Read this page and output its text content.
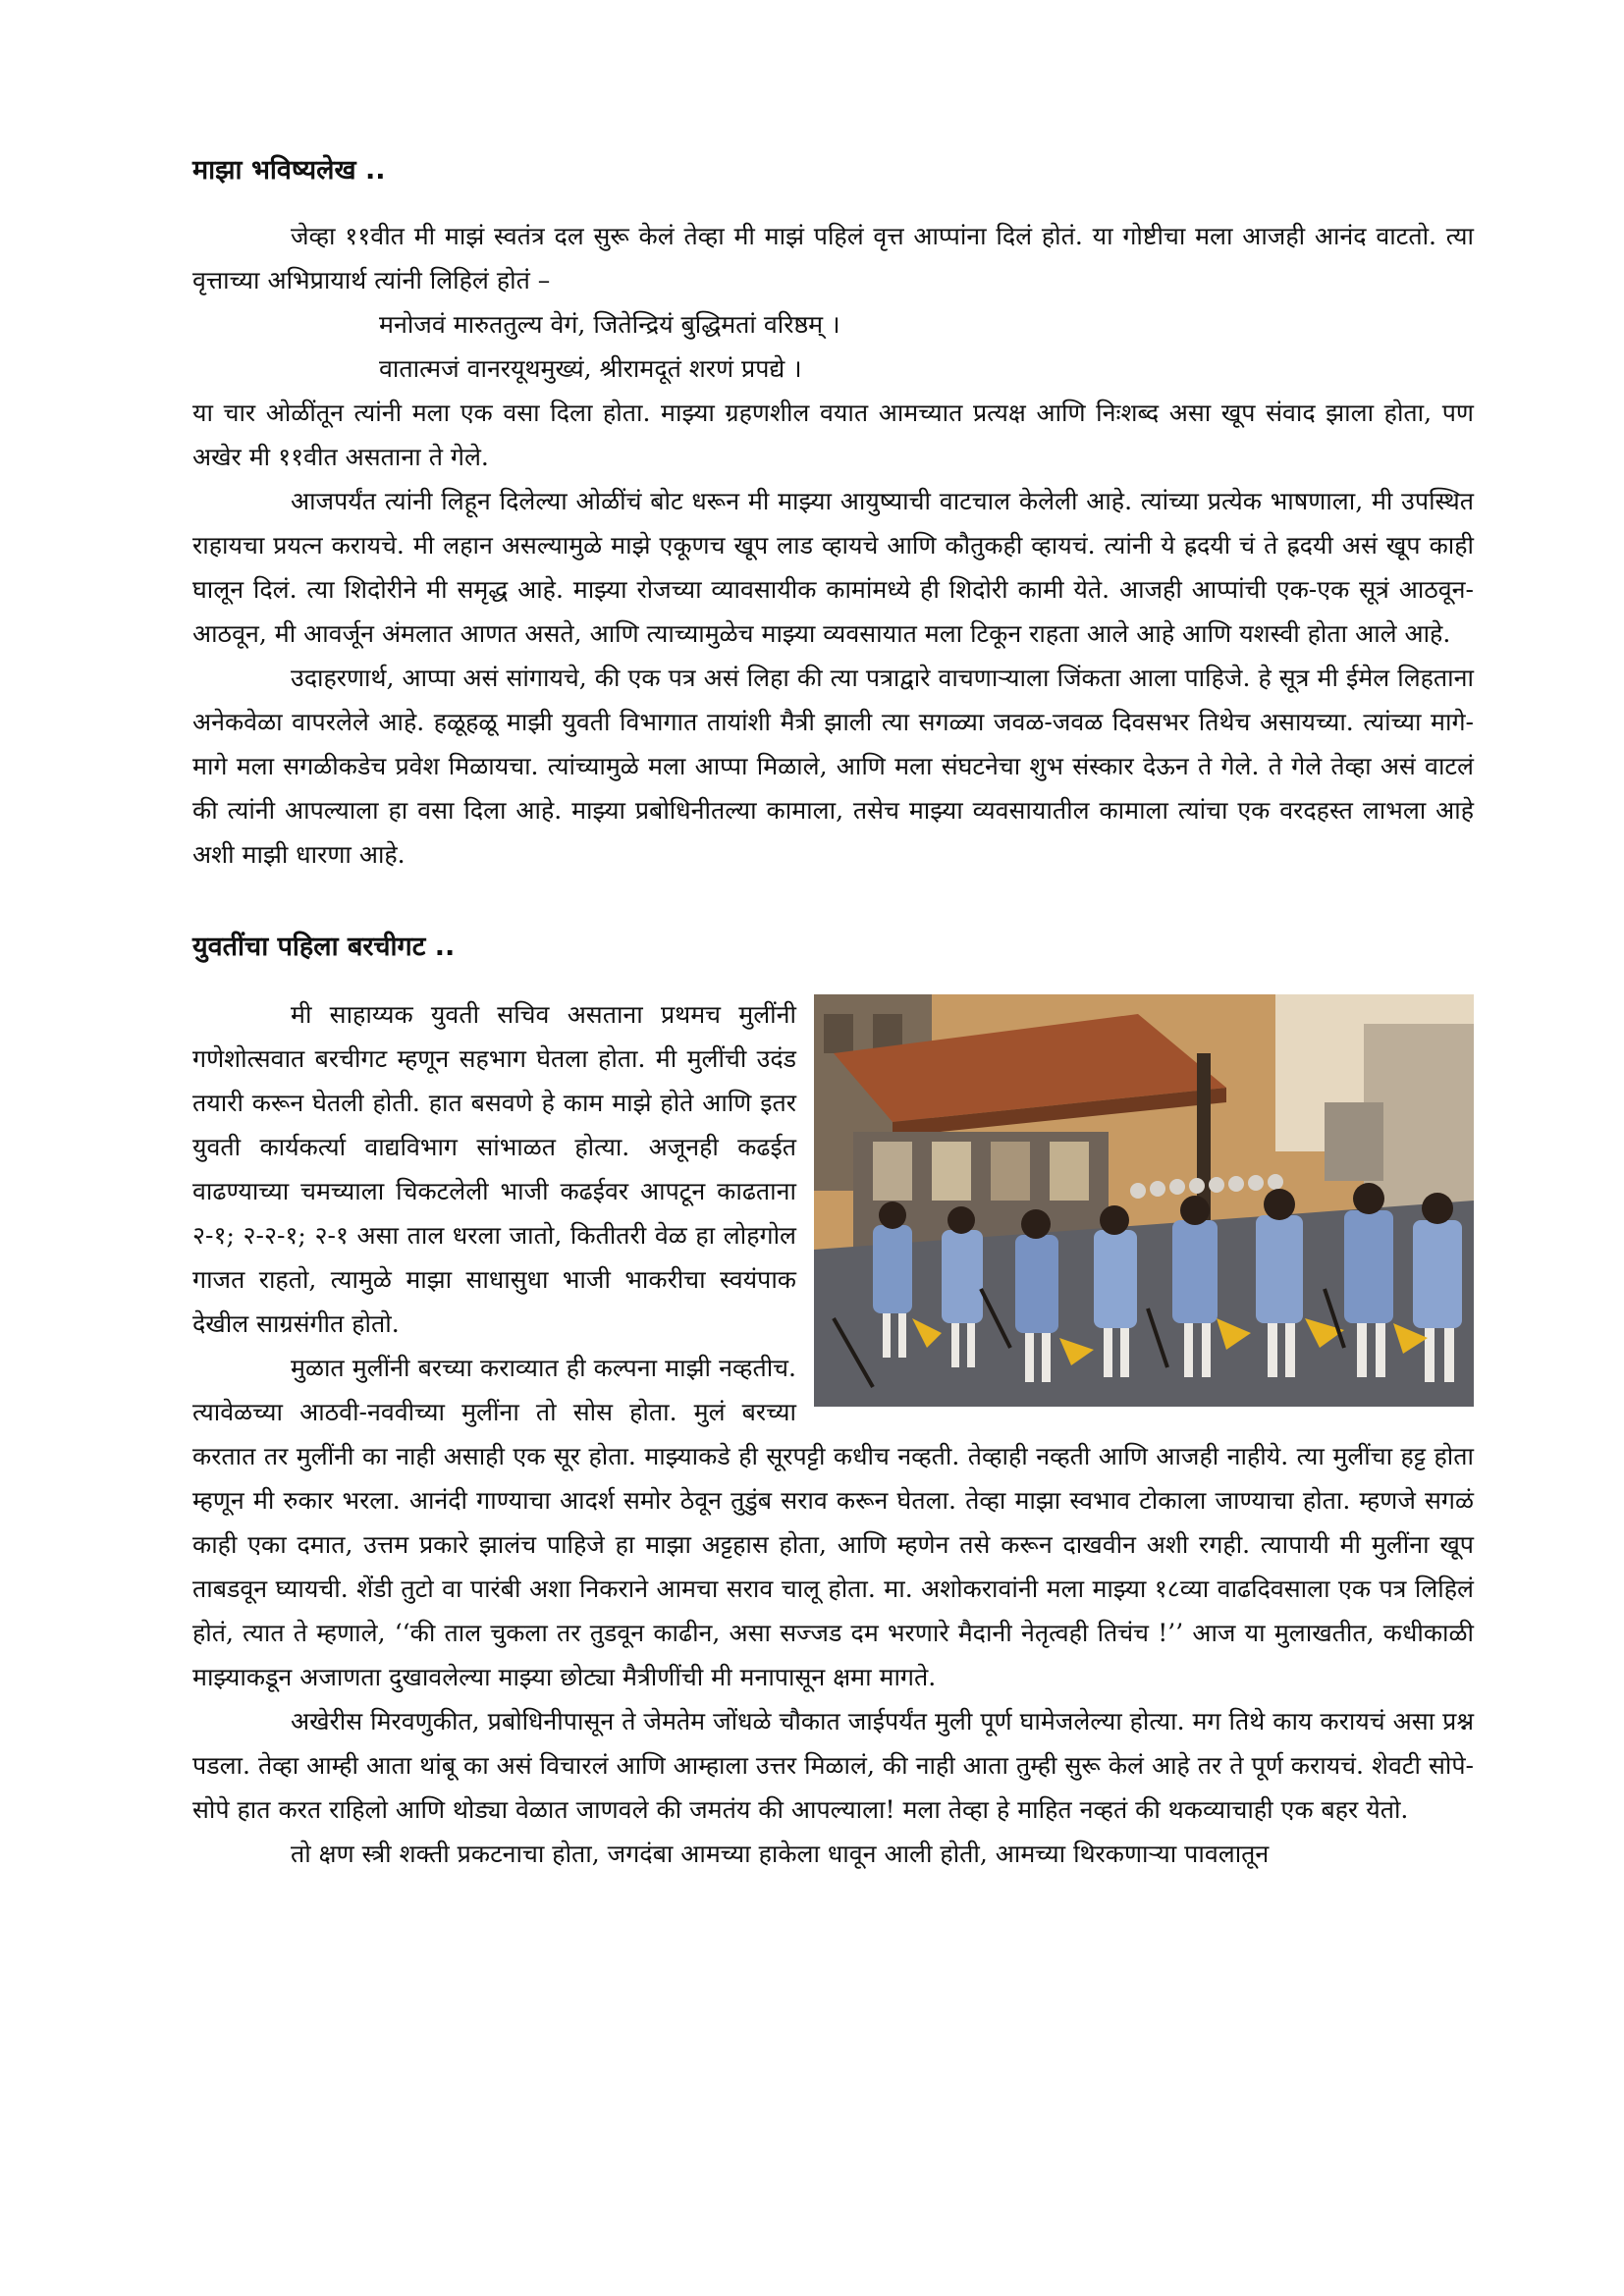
माझा भविष्यलेख ..

जेव्हा ११वीत मी माझं स्वतंत्र दल सुरू केलं तेव्हा मी माझं पहिलं वृत्त आप्पांना दिलं होतं. या गोष्टीचा मला आजही आनंद वाटतो. त्या वृत्ताच्या अभिप्रायार्थ त्यांनी लिहिलं होतं –

मनोजवं मारुततुल्य वेगं, जितेन्द्रियं बुद्धिमतां वरिष्ठम् ।
वातात्मजं वानरयूथमुख्यं, श्रीरामदूतं शरणं प्रपद्ये ।

या चार ओळींतून त्यांनी मला एक वसा दिला होता. माझ्या ग्रहणशील वयात आमच्यात प्रत्यक्ष आणि निःशब्द असा खूप संवाद झाला होता, पण अखेर मी ११वीत असताना ते गेले.

आजपर्यंत त्यांनी लिहून दिलेल्या ओळींचं बोट धरून मी माझ्या आयुष्याची वाटचाल केलेली आहे. त्यांच्या प्रत्येक भाषणाला, मी उपस्थित राहायचा प्रयत्न करायचे. मी लहान असल्यामुळे माझे एकूणच खूप लाड व्हायचे आणि कौतुकही व्हायचं. त्यांनी ये ह्रदयी चं ते ह्रदयी असं खूप काही घालून दिलं. त्या शिदोरीने मी समृद्ध आहे. माझ्या रोजच्या व्यावसायीक कामांमध्ये ही शिदोरी कामी येते. आजही आप्पांची एक-एक सूत्रं आठवून-आठवून, मी आवर्जून अंमलात आणत असते, आणि त्याच्यामुळेच माझ्या व्यवसायात मला टिकून राहता आले आहे आणि यशस्वी होता आले आहे.

उदाहरणार्थ, आप्पा असं सांगायचे, की एक पत्र असं लिहा की त्या पत्राद्वारे वाचणाऱ्याला जिंकता आला पाहिजे. हे सूत्र मी ईमेल लिहताना अनेकवेळा वापरलेले आहे. हळूहळू माझी युवती विभागात तायांशी मैत्री झाली त्या सगळ्या जवळ-जवळ दिवसभर तिथेच असायच्या. त्यांच्या मागे-मागे मला सगळीकडेच प्रवेश मिळायचा. त्यांच्यामुळे मला आप्पा मिळाले, आणि मला संघटनेचा शुभ संस्कार देऊन ते गेले. ते गेले तेव्हा असं वाटलं की त्यांनी आपल्याला हा वसा दिला आहे. माझ्या प्रबोधिनीतल्या कामाला, तसेच माझ्या व्यवसायातील कामाला त्यांचा एक वरदहस्त लाभला आहे अशी माझी धारणा आहे.

युवतींचा पहिला बरचीगट ..

मी साहाय्यक युवती सचिव असताना प्रथमच मुलींनी गणेशोत्सवात बरचीगट म्हणून सहभाग घेतला होता. मी मुलींची उदंड तयारी करून घेतली होती. हात बसवणे हे काम माझे होते आणि इतर युवती कार्यकर्त्या वाद्यविभाग सांभाळत होत्या. अजूनही कढईत वाढण्याच्या चमच्याला चिकटलेली भाजी कढईवर आपटून काढताना २-१; २-२-१; २-१ असा ताल धरला जातो, कितीतरी वेळ हा लोहगोल गाजत राहतो, त्यामुळे माझा साधासुधा भाजी भाकरीचा स्वयंपाक देखील साग्रसंगीत होतो.

मुळात मुलींनी बरच्या कराव्यात ही कल्पना माझी नव्हतीच. त्यावेळच्या आठवी-नववीच्या मुलींना तो सोस होता. मुलं बरच्या करतात तर मुलींनी का नाही असाही एक सूर होता. माझ्याकडे ही सूरपट्टी कधीच नव्हती. तेव्हाही नव्हती आणि आजही नाहीये. त्या मुलींचा हट्ट होता म्हणून मी रुकार भरला. आनंदी गाण्याचा आदर्श समोर ठेवून तुडुंब सराव करून घेतला. तेव्हा माझा स्वभाव टोकाला जाण्याचा होता. म्हणजे सगळं काही एका दमात, उत्तम प्रकारे झालंच पाहिजे हा माझा अट्टहास होता, आणि म्हणेन तसे करून दाखवीन अशी रगही. त्यापायी मी मुलींना खूप ताबडवून घ्यायची. शेंडी तुटो वा पारंबी अशा निकराने आमचा सराव चालू होता. मा. अशोकरावांनी मला माझ्या १८व्या वाढदिवसाला एक पत्र लिहिलं होतं, त्यात ते म्हणाले, ‘‘की ताल चुकला तर तुडवून काढीन, असा सज्जड दम भरणारे मैदानी नेतृत्वही तिचंच !’’ आज या मुलाखतीत, कधीकाळी माझ्याकडून अजाणता दुखावलेल्या माझ्या छोट्या मैत्रीणींची मी मनापासून क्षमा मागते.

अखेरीस मिरवणुकीत, प्रबोधिनीपासून ते जेमतेम जोंधळे चौकात जाईपर्यंत मुली पूर्ण घामेजलेल्या होत्या. मग तिथे काय करायचं असा प्रश्न पडला. तेव्हा आम्ही आता थांबू का असं विचारलं आणि आम्हाला उत्तर मिळालं, की नाही आता तुम्ही सुरू केलं आहे तर ते पूर्ण करायचं. शेवटी सोपे-सोपे हात करत राहिलो आणि थोड्या वेळात जाणवले की जमतंय की आपल्याला! मला तेव्हा हे माहित नव्हतं की थकव्याचाही एक बहर येतो.

तो क्षण स्त्री शक्ती प्रकटनाचा होता, जगदंबा आमच्या हाकेला धावून आली होती, आमच्या थिरकणाऱ्या पावलातून
